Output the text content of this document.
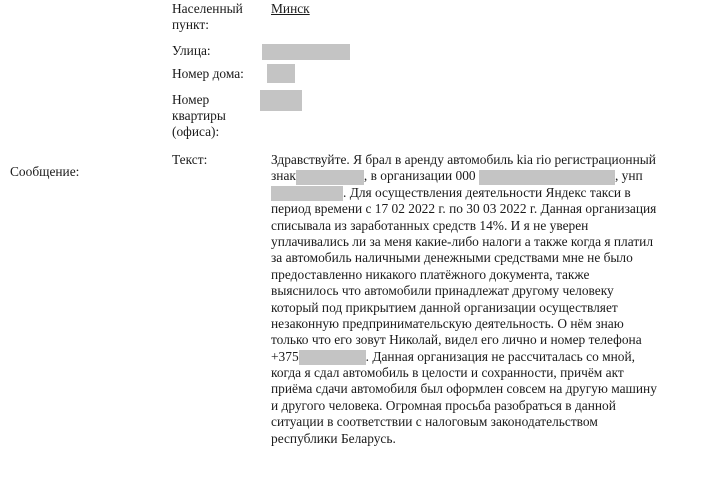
Населенный
пункт:
Минск
Улица:
Номер дома:
Номер
квартиры
(офиса):
Сообщение:
Текст:	Здравствуйте. Я брал в аренду автомобиль kia rio регистрационный
знак	, в организации 000	, унп
. Для осуществления деятельности Яндекс такси в
период времени с 17 02 2022 г. по 30 03 2022 г. Данная организация
списывала из заработанных средств 14%. И я не уверен
уплачивались ли за меня какие-либо налоги а также когда я платил
за автомобиль наличными денежными средствами мне не было
предоставленно никакого платёжного документа, также
выяснилось что автомобили принадлежат другому человеку
который под прикрытием данной организации осуществляет
незаконную предпринимательскую деятельность. О нём знаю
только что его зовут Николай, видел его лично и номер телефона
+375	. Данная организация не рассчиталась со мной,
когда я сдал автомобиль в целости и сохранности, причём акт
приёма сдачи автомобиля был оформлен совсем на другую машину
и другого человека. Огромная просьба разобраться в данной
ситуации в соответствии с налоговым законодательством
республики Беларусь.
